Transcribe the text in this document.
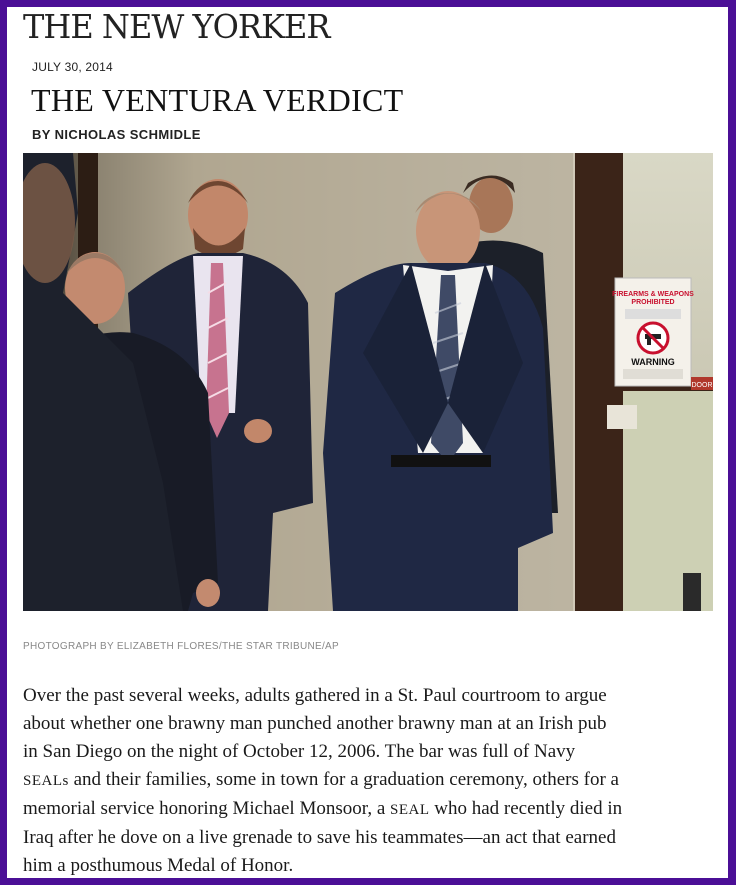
THE NEW YORKER
JULY 30, 2014
THE VENTURA VERDICT
BY NICHOLAS SCHMIDLE
FIREARMS & WEAPONS
PROHIBITED
WARNING
DOOR
PHOTOGRAPH BY ELIZABETH FLORES/THE STAR TRIBUNE/AP

Over the past several weeks, adults gathered in a St. Paul courtroom to argue

about whether one brawny man punched another brawny man at an Irish pub

in San Diego on the night of October 12, 2006. The bar was full of Navy

SEALs and their families, some in town for a graduation ceremony, others for a

memorial service honoring Michael Monsoor, a SEAL who had recently died in

Iraq after he dove on a live grenade to save his teammates—an act that earned

him a posthumous Medal of Honor.
